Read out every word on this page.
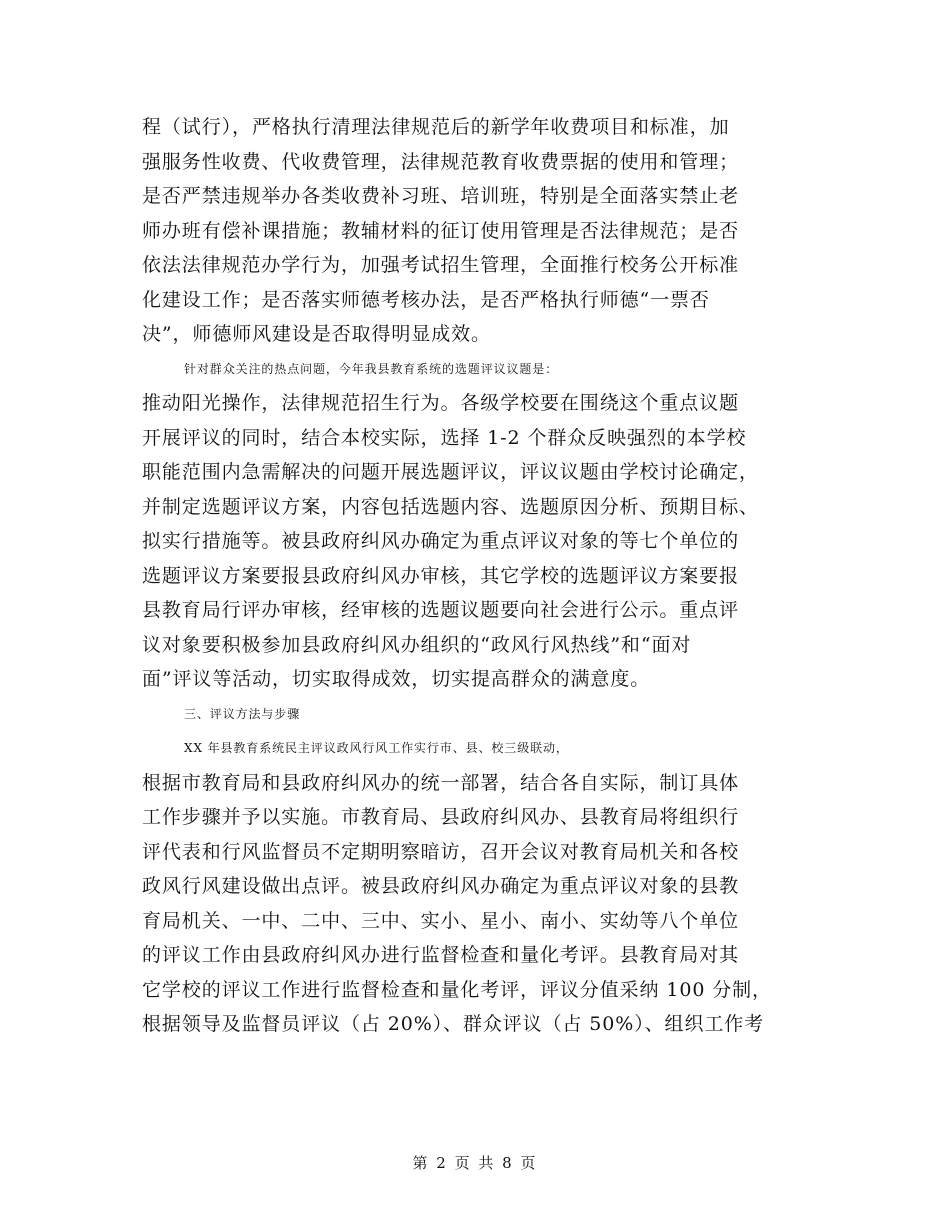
程（试行），严格执行清理法律规范后的新学年收费项目和标准，加
强服务性收费、代收费管理，法律规范教育收费票据的使用和管理；
是否严禁违规举办各类收费补习班、培训班，特别是全面落实禁止老
师办班有偿补课措施；教辅材料的征订使用管理是否法律规范；是否
依法法律规范办学行为，加强考试招生管理，全面推行校务公开标准
化建设工作；是否落实师德考核办法，是否严格执行师德“一票否
决”，师德师风建设是否取得明显成效。
针对群众关注的热点问题，今年我县教育系统的选题评议议题是：
推动阳光操作，法律规范招生行为。各级学校要在围绕这个重点议题
开展评议的同时，结合本校实际，选择 1-2 个群众反映强烈的本学校
职能范围内急需解决的问题开展选题评议，评议议题由学校讨论确定，
并制定选题评议方案，内容包括选题内容、选题原因分析、预期目标、
拟实行措施等。被县政府纠风办确定为重点评议对象的等七个单位的
选题评议方案要报县政府纠风办审核，其它学校的选题评议方案要报
县教育局行评办审核，经审核的选题议题要向社会进行公示。重点评
议对象要积极参加县政府纠风办组织的“政风行风热线”和“面对
面”评议等活动，切实取得成效，切实提高群众的满意度。
三、评议方法与步骤
XX 年县教育系统民主评议政风行风工作实行市、县、校三级联动，
根据市教育局和县政府纠风办的统一部署，结合各自实际，制订具体
工作步骤并予以实施。市教育局、县政府纠风办、县教育局将组织行
评代表和行风监督员不定期明察暗访，召开会议对教育局机关和各校
政风行风建设做出点评。被县政府纠风办确定为重点评议对象的县教
育局机关、一中、二中、三中、实小、星小、南小、实幼等八个单位
的评议工作由县政府纠风办进行监督检查和量化考评。县教育局对其
它学校的评议工作进行监督检查和量化考评，评议分值采纳 100 分制，
根据领导及监督员评议（占 20%）、群众评议（占 50%）、组织工作考
第 2 页 共 8 页
